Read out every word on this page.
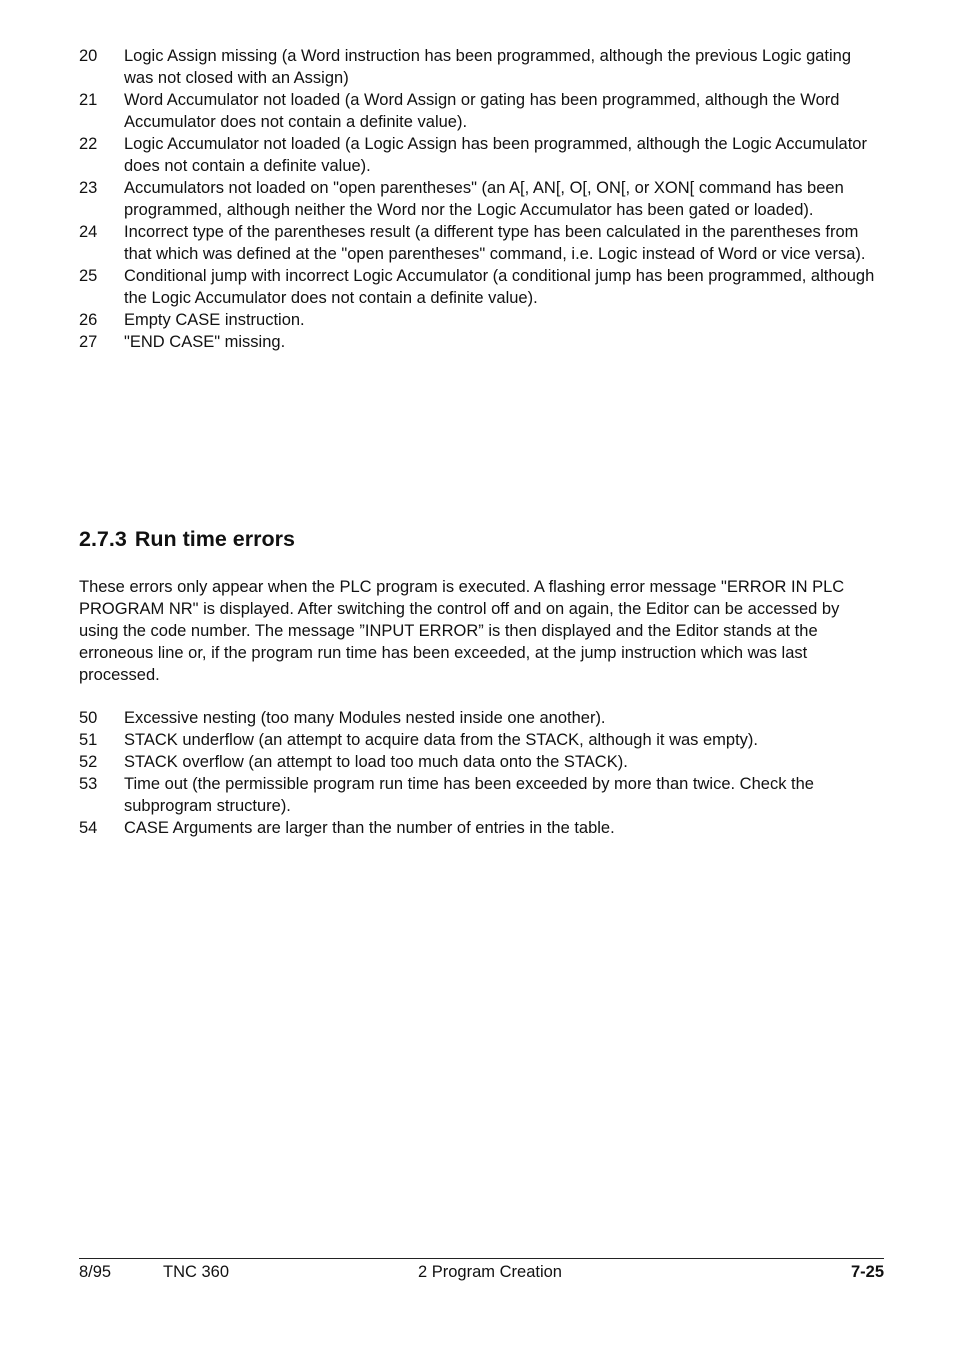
20	Logic Assign missing (a Word instruction has been programmed, although the previous Logic gating was not closed with an Assign)
21	Word Accumulator not loaded (a Word Assign or gating has been programmed, although the Word Accumulator does not contain a definite value).
22	Logic Accumulator not loaded (a Logic Assign has been programmed, although the Logic Accumulator does not contain a definite value).
23	Accumulators not loaded on "open parentheses" (an A[, AN[, O[, ON[, or XON[ command has been programmed, although neither the Word nor the Logic Accumulator has been gated or loaded).
24	Incorrect type of the parentheses result (a different type has been calculated in the parentheses from that which was defined at the "open parentheses" command, i.e. Logic instead of Word or vice versa).
25	Conditional jump with incorrect Logic Accumulator (a conditional jump has been programmed, although the Logic Accumulator does not contain a definite value).
26	Empty CASE instruction.
27	"END CASE" missing.
2.7.3 Run time errors

These errors only appear when the PLC program is executed. A flashing error message "ERROR IN PLC PROGRAM NR" is displayed. After switching the control off and on again, the Editor can be accessed by using the code number. The message ”INPUT ERROR” is then displayed and the Editor stands at the erroneous line or, if the program run time has been exceeded, at the jump instruction which was last processed.

50	Excessive nesting (too many Modules nested inside one another).
51	STACK underflow (an attempt to acquire data from the STACK, although it was empty).
52	STACK overflow (an attempt to load too much data onto the STACK).
53	Time out (the permissible program run time has been exceeded by more than twice. Check the subprogram structure).
54	CASE Arguments are larger than the number of entries in the table.
8/95	TNC 360	2 Program Creation	7-25
